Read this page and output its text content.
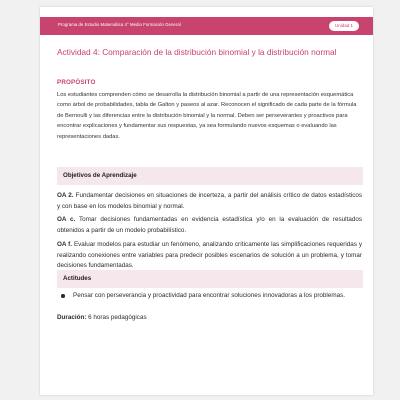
Programa de Estudio Matemática 4° Medio Formación General	Unidad 1
Actividad 4: Comparación de la distribución binomial y la distribución normal
PROPÓSITO

Los estudiantes comprenden cómo se desarrolla la distribución binomial a partir de una representación esquemática como árbol de probabilidades, tabla de Galton y paseos al azar. Reconocen el significado de cada parte de la fórmula de Bernoulli y las diferencias entre la distribución binomial y la normal. Deben ser perseverantes y proactivos para encontrar explicaciones y fundamentar sus respuestas, ya sea formulando nuevos esquemas o evaluando las representaciones dadas.

Objetivos de Aprendizaje

OA 2. Fundamentar decisiones en situaciones de incerteza, a partir del análisis crítico de datos estadísticos y con base en los modelos binomial y normal.

OA c. Tomar decisiones fundamentadas en evidencia estadística y/o en la evaluación de resultados obtenidos a partir de un modelo probabilístico.

OA f. Evaluar modelos para estudiar un fenómeno, analizando críticamente las simplificaciones requeridas y realizando conexiones entre variables para predecir posibles escenarios de solución a un problema, y tomar decisiones fundamentadas.

Actitudes

Pensar con perseverancia y proactividad para encontrar soluciones innovadoras a los problemas.

Duración: 6 horas pedagógicas
